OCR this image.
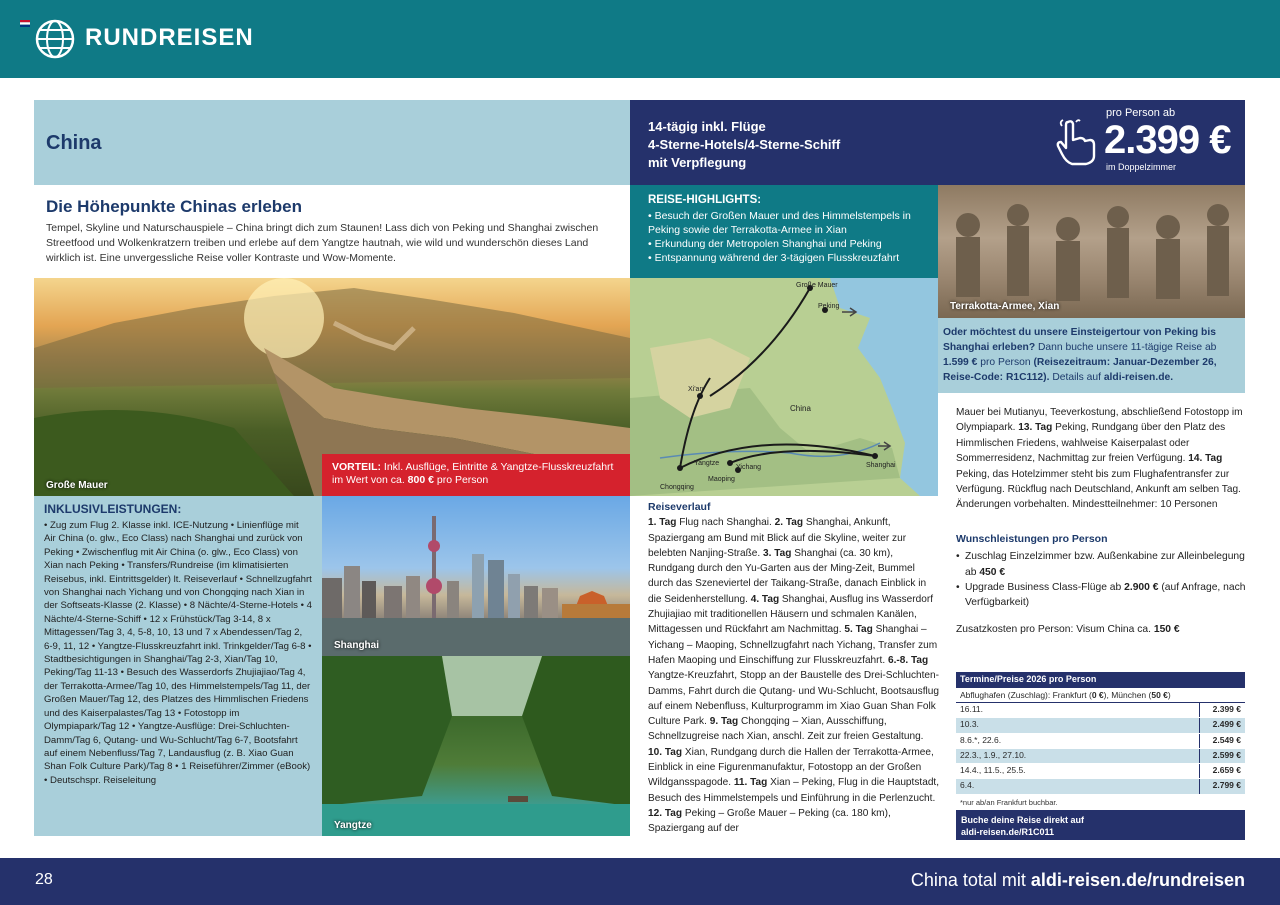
RUNDREISEN
China
Die Höhepunkte Chinas erleben

Tempel, Skyline und Naturschauspiele – China bringt dich zum Staunen! Lass dich von Peking und Shanghai zwischen Streetfood und Wolkenkratzern treiben und erlebe auf dem Yangtze hautnah, wie wild und wunderschön dieses Land wirklich ist. Eine unvergessliche Reise voller Kontraste und Wow-Momente.

Große Mauer
VORTEIL: Inkl. Ausflüge, Eintritte & Yangtze-Flusskreuzfahrt im Wert von ca. 800 € pro Person
INKLUSIVLEISTUNGEN:

• Zug zum Flug 2. Klasse inkl. ICE-Nutzung • Linienflüge mit Air China (o. glw., Eco Class) nach Shanghai und zurück von Peking • Zwischenflug mit Air China (o. glw., Eco Class) von Xian nach Peking • Transfers/Rundreise (im klimatisierten Reisebus, inkl. Eintrittsgelder) lt. Reiseverlauf • Schnellzugfahrt von Shanghai nach Yichang und von Chongqing nach Xian in der Softseats-Klasse (2. Klasse) • 8 Nächte/4-Sterne-Hotels • 4 Nächte/4-Sterne-Schiff • 12 x Frühstück/Tag 3-14, 8 x Mittagessen/Tag 3, 4, 5-8, 10, 13 und 7 x Abendessen/Tag 2, 6-9, 11, 12 • Yangtze-Flusskreuzfahrt inkl. Trinkgelder/Tag 6-8 • Stadtbesichtigungen in Shanghai/Tag 2-3, Xian/Tag 10, Peking/Tag 11-13 • Besuch des Wasserdorfs Zhujiajiao/Tag 4, der Terrakotta-Armee/Tag 10, des Himmelstempels/Tag 11, der Großen Mauer/Tag 12, des Platzes des Himmlischen Friedens und des Kaiserpalastes/Tag 13 • Fotostopp im Olympiapark/Tag 12 • Yangtze-Ausflüge: Drei-Schluchten-Damm/Tag 6, Qutang- und Wu-Schlucht/Tag 6-7, Bootsfahrt auf einem Nebenfluss/Tag 7, Landausflug (z. B. Xiao Guan Shan Folk Culture Park)/Tag 8 • 1 Reiseführer/Zimmer (eBook) • Deutschspr. Reiseleitung

Shanghai
Yangtze
14-tägig inkl. Flüge
4-Sterne-Hotels/4-Sterne-Schiff
mit Verpflegung
pro Person ab
2.399 €
im Doppelzimmer
REISE-HIGHLIGHTS:
• Besuch der Großen Mauer und des Himmelstempels in Peking sowie der Terrakotta-Armee in Xian
• Erkundung der Metropolen Shanghai und Peking
• Entspannung während der 3-tägigen Flusskreuzfahrt
Große Mauer
Peking
Xi'an
China
Yangtze
Yichang
Maoping
Shanghai
Chongqing
Terrakotta-Armee, Xian
Oder möchtest du unsere Einsteigertour von Peking bis Shanghai erleben? Dann buche unsere 11-tägige Reise ab 1.599 € pro Person (Reisezeitraum: Januar-Dezember 26, Reise-Code: R1C112). Details auf aldi-reisen.de.
Reiseverlauf
1. Tag Flug nach Shanghai. 2. Tag Shanghai, Ankunft, Spaziergang am Bund mit Blick auf die Skyline, weiter zur belebten Nanjing-Straße. 3. Tag Shanghai (ca. 30 km), Rundgang durch den Yu-Garten aus der Ming-Zeit, Bummel durch das Szeneviertel der Taikang-Straße, danach Einblick in die Seidenherstellung. 4. Tag Shanghai, Ausflug ins Wasserdorf Zhujiajiao mit traditionellen Häusern und schmalen Kanälen, Mittagessen und Rückfahrt am Nachmittag. 5. Tag Shanghai – Yichang – Maoping, Schnellzugfahrt nach Yichang, Transfer zum Hafen Maoping und Einschiffung zur Flusskreuzfahrt. 6.-8. Tag Yangtze-Kreuzfahrt, Stopp an der Baustelle des Drei-Schluchten-Damms, Fahrt durch die Qutang- und Wu-Schlucht, Bootsausflug auf einem Nebenfluss, Kulturprogramm im Xiao Guan Shan Folk Culture Park. 9. Tag Chongqing – Xian, Ausschiffung, Schnellzugreise nach Xian, anschl. Zeit zur freien Gestaltung. 10. Tag Xian, Rundgang durch die Hallen der Terrakotta-Armee, Einblick in eine Figurenmanufaktur, Fotostopp an der Großen Wildgansspagode. 11. Tag Xian – Peking, Flug in die Hauptstadt, Besuch des Himmelstempels und Einführung in die Perlenzucht. 12. Tag Peking – Große Mauer – Peking (ca. 180 km), Spaziergang auf der
Mauer bei Mutianyu, Teeverkostung, abschließend Fotostopp im Olympiapark. 13. Tag Peking, Rundgang über den Platz des Himmlischen Friedens, wahlweise Kaiserpalast oder Sommerresidenz, Nachmittag zur freien Verfügung. 14. Tag Peking, das Hotelzimmer steht bis zum Flughafentransfer zur Verfügung. Rückflug nach Deutschland, Ankunft am selben Tag. Änderungen vorbehalten. Mindestteilnehmer: 10 Personen
Wunschleistungen pro Person
• Zuschlag Einzelzimmer bzw. Außenkabine zur Alleinbelegung ab 450 €
• Upgrade Business Class-Flüge ab 2.900 € (auf Anfrage, nach Verfügbarkeit)
Zusatzkosten pro Person: Visum China ca. 150 €
Termine/Preise 2026 pro Person
Abflughafen (Zuschlag): Frankfurt (0 €), München (50 €)
16.11.	2.399 €
10.3.	2.499 €
8.6.*, 22.6.	2.549 €
22.3., 1.9., 27.10.	2.599 €
14.4., 11.5., 25.5.	2.659 €
6.4.	2.799 €
*nur ab/an Frankfurt buchbar.
Buche deine Reise direkt auf
aldi-reisen.de/R1C011
28	China total mit aldi-reisen.de/rundreisen
